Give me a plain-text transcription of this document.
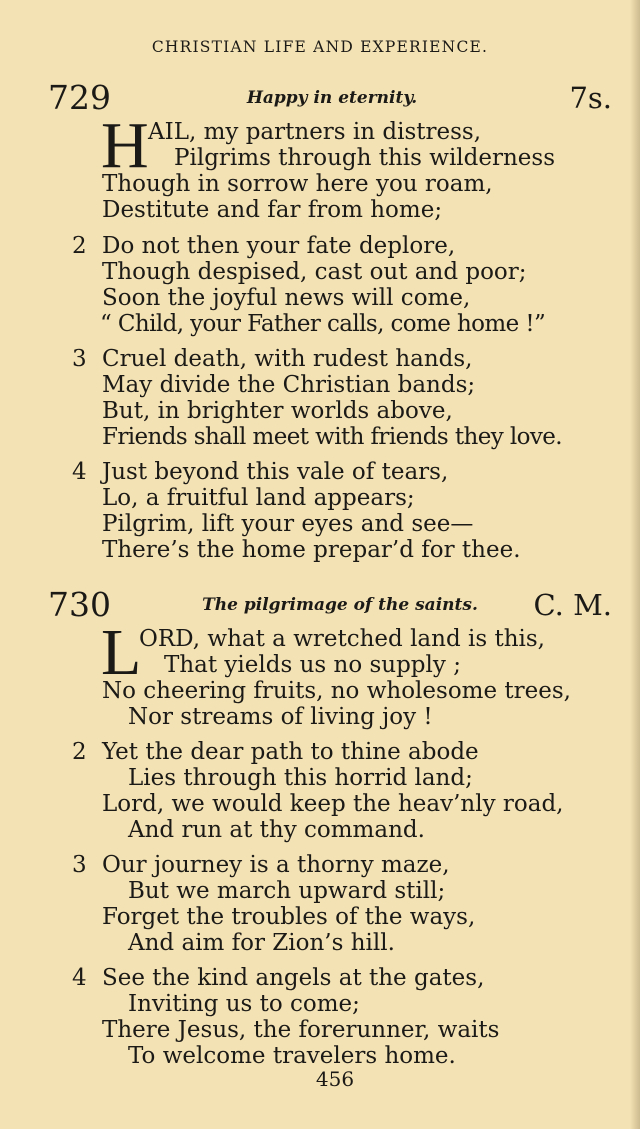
CHRISTIAN LIFE AND EXPERIENCE.
729	Happy in eternity.	7s.
H AIL, my partners in distress,
Pilgrims through this wilderness
Though in sorrow here you roam,
Destitute and far from home;
2 Do not then your fate deplore,
Though despised, cast out and poor;
Soon the joyful news will come,
“ Child, your Father calls, come home !”
3 Cruel death, with rudest hands,
May divide the Christian bands;
But, in brighter worlds above,
Friends shall meet with friends they love.
4 Just beyond this vale of tears,
Lo, a fruitful land appears;
Pilgrim, lift your eyes and see—
There’s the home prepar’d for thee.
730	The pilgrimage of the saints.	C. M.
L
ORD, what a wretched land is this,
That yields us no supply ;
No cheering fruits, no wholesome trees,
Nor streams of living joy !
2 Yet the dear path to thine abode
Lies through this horrid land;
Lord, we would keep the heav’nly road,
And run at thy command.
3 Our journey is a thorny maze,
But we march upward still;
Forget the troubles of the ways,
And aim for Zion’s hill.
4 See the kind angels at the gates,
Inviting us to come;
There Jesus, the forerunner, waits
To welcome travelers home.
456
